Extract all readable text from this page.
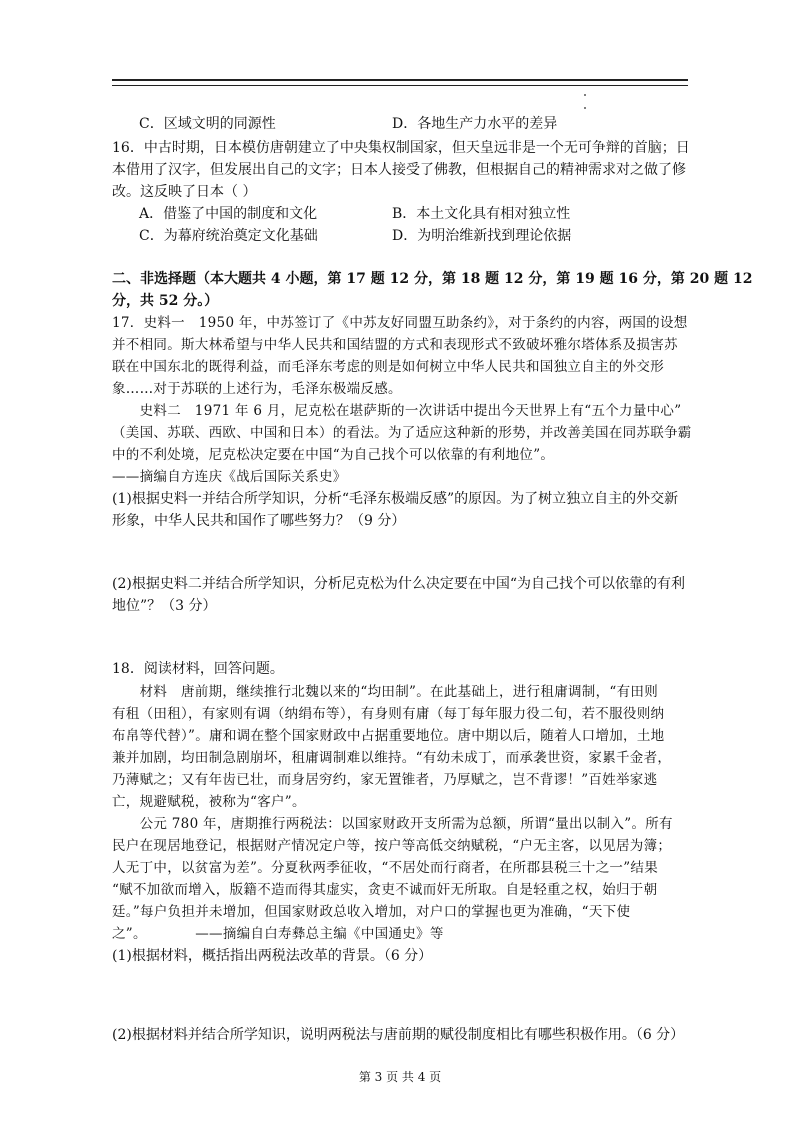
C．区域文明的同源性	D．各地生产力水平的差异
16．中古时期，日本模仿唐朝建立了中央集权制国家，但天皇远非是一个无可争辩的首脑；日
本借用了汉字，但发展出自己的文字；日本人接受了佛教，但根据自己的精神需求对之做了修
改。这反映了日本（ ）
A．借鉴了中国的制度和文化	B．本土文化具有相对独立性
C．为幕府统治奠定文化基础	D．为明治维新找到理论依据
二、非选择题（本大题共 4 小题，第 17 题 12 分，第 18 题 12 分，第 19 题 16 分，第 20 题 12
分，共 52 分。）
17．史料一　1950 年，中苏签订了《中苏友好同盟互助条约》，对于条约的内容，两国的设想
并不相同。斯大林希望与中华人民共和国结盟的方式和表现形式不致破坏雅尔塔体系及损害苏
联在中国东北的既得利益，而毛泽东考虑的则是如何树立中华人民共和国独立自主的外交形
象……对于苏联的上述行为，毛泽东极端反感。
　　史料二　1971 年 6 月，尼克松在堪萨斯的一次讲话中提出今天世界上有“五个力量中心”
（美国、苏联、西欧、中国和日本）的看法。为了适应这种新的形势，并改善美国在同苏联争霸
中的不利处境，尼克松决定要在中国“为自己找个可以依靠的有利地位”。
——摘编自方连庆《战后国际关系史》
(1)根据史料一并结合所学知识，分析“毛泽东极端反感”的原因。为了树立独立自主的外交新
形象，中华人民共和国作了哪些努力？（9 分）
(2)根据史料二并结合所学知识，分析尼克松为什么决定要在中国“为自己找个可以依靠的有利
地位”？（3 分）
18．阅读材料，回答问题。
　　材料　唐前期，继续推行北魏以来的“均田制”。在此基础上，进行租庸调制，“有田则
有租（田租），有家则有调（纳绢布等），有身则有庸（每丁每年服力役二旬，若不服役则纳
布帛等代替）”。庸和调在整个国家财政中占据重要地位。唐中期以后，随着人口增加，土地
兼并加剧，均田制急剧崩坏，租庸调制难以维持。“有幼未成丁，而承袭世资，家累千金者，
乃薄赋之；又有年齿已壮，而身居穷约，家无置锥者，乃厚赋之，岂不背谬！”百姓举家逃
亡，规避赋税，被称为“客户”。
　　公元 780 年，唐期推行两税法：以国家财政开支所需为总额，所谓“量出以制入”。所有
民户在现居地登记，根据财产情况定户等，按户等高低交纳赋税，“户无主客，以见居为簿；
人无丁中，以贫富为差”。分夏秋两季征收，“不居处而行商者，在所郡县税三十之一”结果
“赋不加欲而增入，版籍不造而得其虚实，贪吏不诚而奸无所取。自是轻重之权，始归于朝
廷。”每户负担并未增加，但国家财政总收入增加，对户口的掌握也更为准确，“天下使
之”。　　　　——摘编自白寿彝总主编《中国通史》等
(1)根据材料，概括指出两税法改革的背景。（6 分）
(2)根据材料并结合所学知识，说明两税法与唐前期的赋役制度相比有哪些积极作用。（6 分）
第 3 页 共 4 页
